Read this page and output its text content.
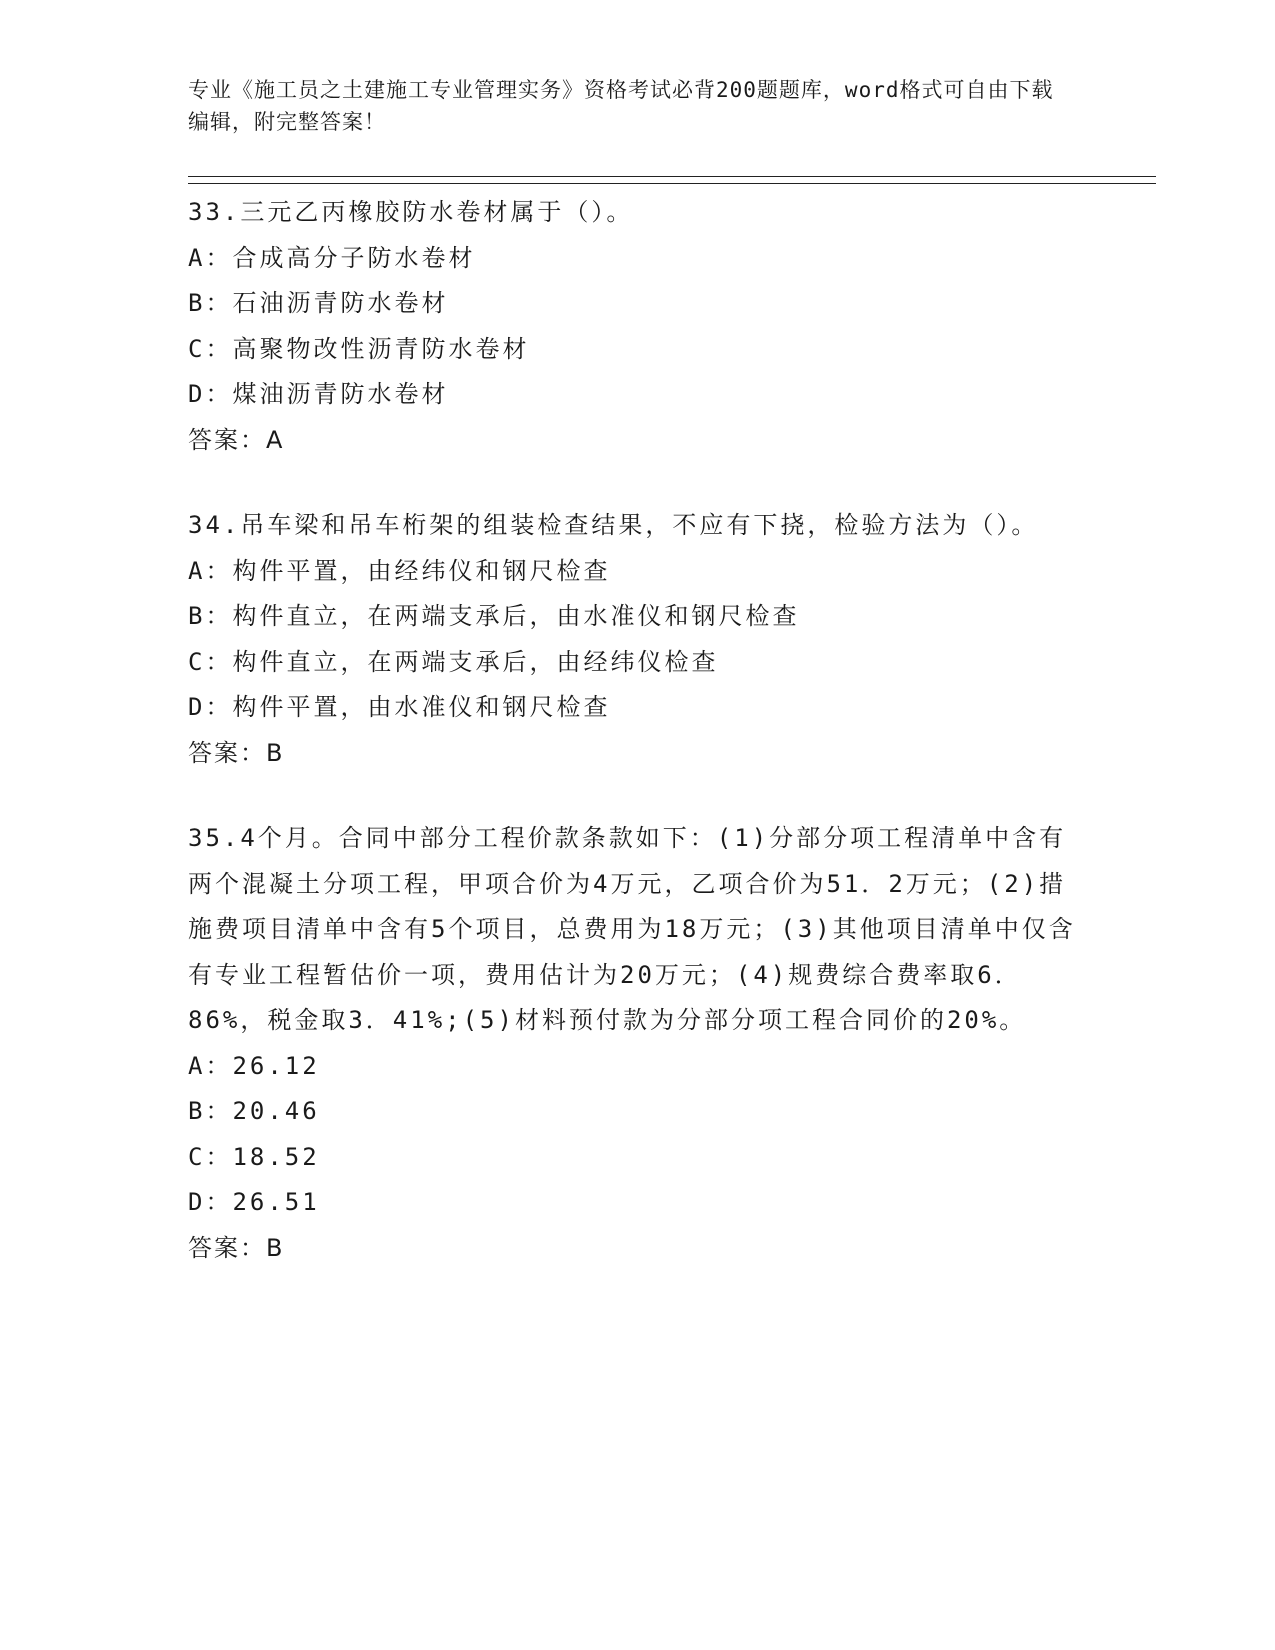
专业《施工员之土建施工专业管理实务》资格考试必背200题题库，word格式可自由下载编辑，附完整答案！
33.三元乙丙橡胶防水卷材属于（）。
A：合成高分子防水卷材
B：石油沥青防水卷材
C：高聚物改性沥青防水卷材
D：煤油沥青防水卷材
答案：A
34.吊车梁和吊车桁架的组装检查结果，不应有下挠，检验方法为（）。
A：构件平置，由经纬仪和钢尺检查
B：构件直立，在两端支承后，由水准仪和钢尺检查
C：构件直立，在两端支承后，由经纬仪检查
D：构件平置，由水准仪和钢尺检查
答案：B
35.4个月。合同中部分工程价款条款如下：(1)分部分项工程清单中含有两个混凝土分项工程，甲项合价为4万元，乙项合价为51．2万元；(2)措施费项目清单中含有5个项目，总费用为18万元；(3)其他项目清单中仅含有专业工程暂估价一项，费用估计为20万元；(4)规费综合费率取6．86%，税金取3．41%;(5)材料预付款为分部分项工程合同价的20%。
A：26.12
B：20.46
C：18.52
D：26.51
答案：B
